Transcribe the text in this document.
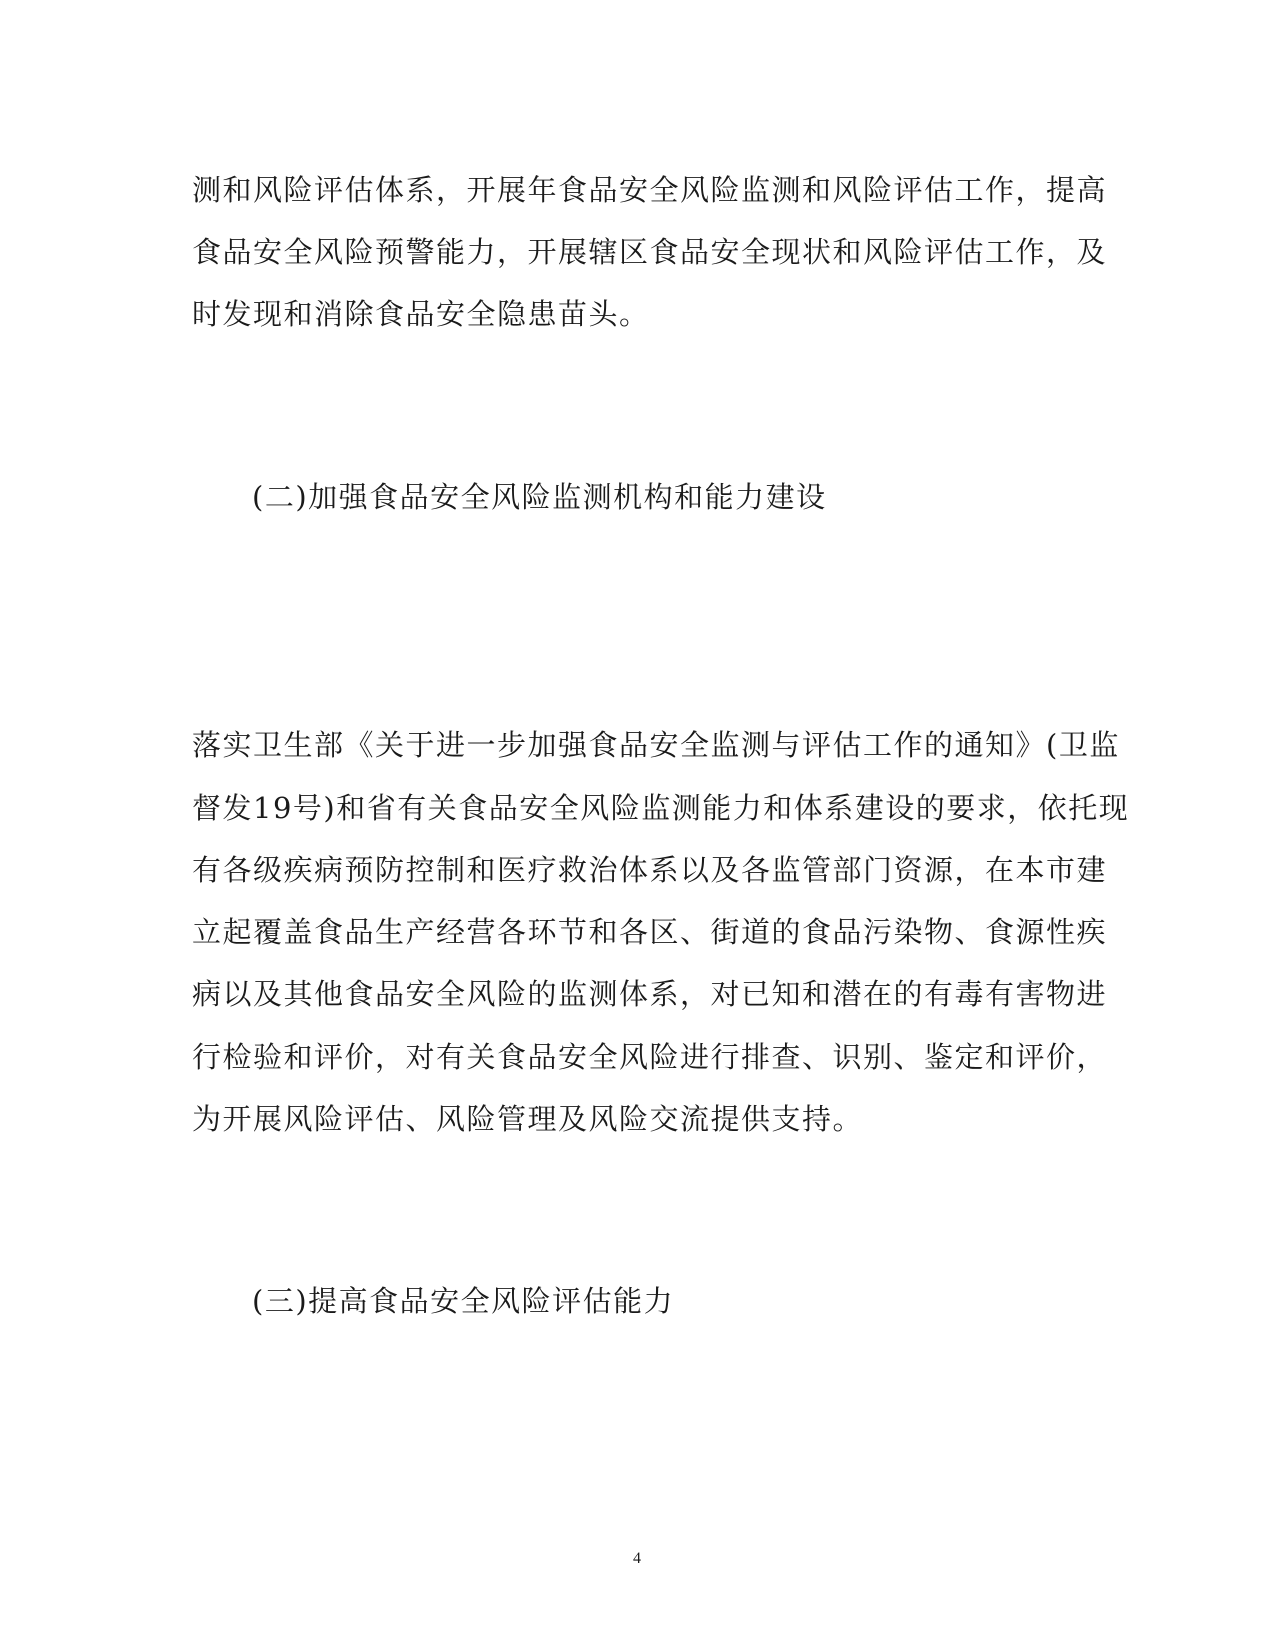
测和风险评估体系，开展年食品安全风险监测和风险评估工作，提高
食品安全风险预警能力，开展辖区食品安全现状和风险评估工作，及
时发现和消除食品安全隐患苗头。
(二)加强食品安全风险监测机构和能力建设
落实卫生部《关于进一步加强食品安全监测与评估工作的通知》(卫监
督发19号)和省有关食品安全风险监测能力和体系建设的要求，依托现
有各级疾病预防控制和医疗救治体系以及各监管部门资源，在本市建
立起覆盖食品生产经营各环节和各区、街道的食品污染物、食源性疾
病以及其他食品安全风险的监测体系，对已知和潜在的有毒有害物进
行检验和评价，对有关食品安全风险进行排查、识别、鉴定和评价，
为开展风险评估、风险管理及风险交流提供支持。
(三)提高食品安全风险评估能力
4
